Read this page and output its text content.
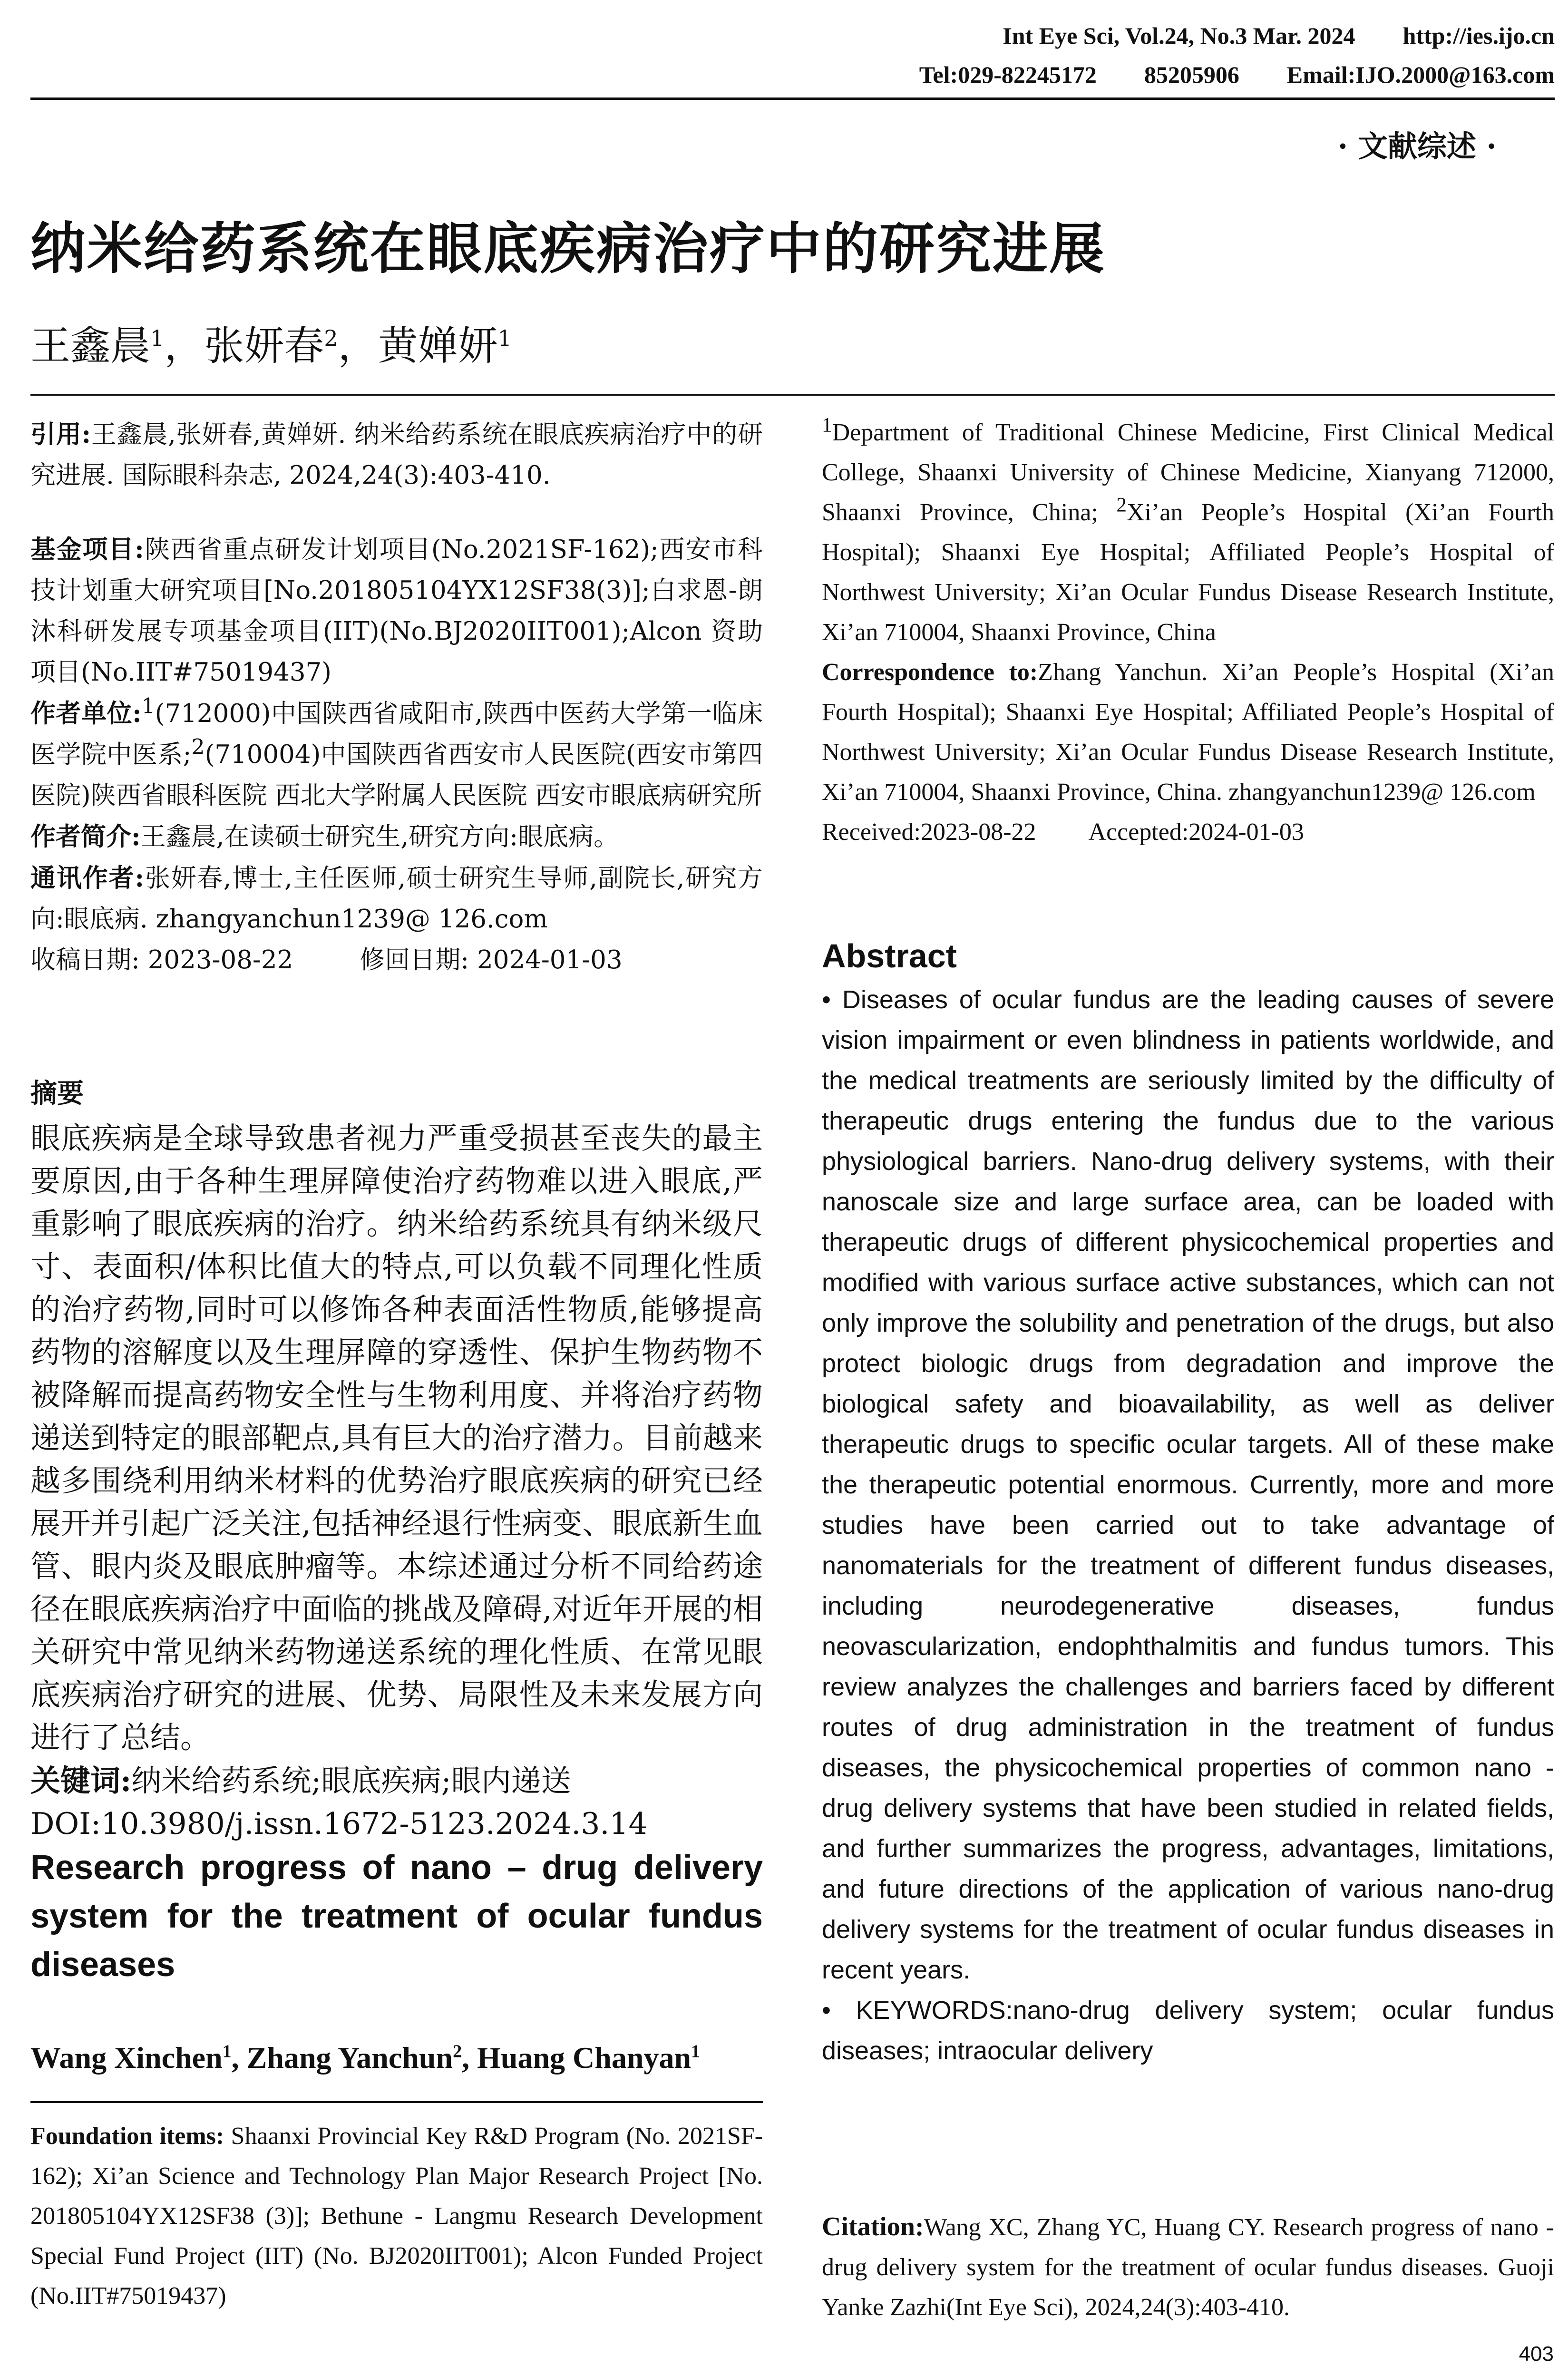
Int Eye Sci, Vol.24, No.3 Mar. 2024 http://ies.ijo.cn
Tel:029-82245172 85205906 Email:IJO.2000@163.com
· 文献综述 ·
纳米给药系统在眼底疾病治疗中的研究进展
王鑫晨$^1$，张妍春$^2$，黄婵妍$^1$

引用:王鑫晨,张妍春,黄婵妍. 纳米给药系统在眼底疾病治疗中的研究进展. 国际眼科杂志, 2024,24(3):403-410.

基金项目:陕西省重点研发计划项目(No.2021SF-162);西安市科技计划重大研究项目[No.201805104YX12SF38(3)];白求恩-朗沐科研发展专项基金项目(IIT)(No.BJ2020IIT001);Alcon 资助项目(No.IIT#75019437)

作者单位:$^1$(712000)中国陕西省咸阳市,陕西中医药大学第一临床医学院中医系;$^2$(710004)中国陕西省西安市人民医院(西安市第四医院)陕西省眼科医院 西北大学附属人民医院 西安市眼底病研究所

作者简介:王鑫晨,在读硕士研究生,研究方向:眼底病。

通讯作者:张妍春,博士,主任医师,硕士研究生导师,副院长,研究方向:眼底病. zhangyanchun1239@ 126.com

收稿日期: 2023-08-22	修回日期: 2024-01-03

摘要

眼底疾病是全球导致患者视力严重受损甚至丧失的最主要原因,由于各种生理屏障使治疗药物难以进入眼底,严重影响了眼底疾病的治疗。纳米给药系统具有纳米级尺寸、表面积/体积比值大的特点,可以负载不同理化性质的治疗药物,同时可以修饰各种表面活性物质,能够提高药物的溶解度以及生理屏障的穿透性、保护生物药物不被降解而提高药物安全性与生物利用度、并将治疗药物递送到特定的眼部靶点,具有巨大的治疗潜力。目前越来越多围绕利用纳米材料的优势治疗眼底疾病的研究已经展开并引起广泛关注,包括神经退行性病变、眼底新生血管、眼内炎及眼底肿瘤等。本综述通过分析不同给药途径在眼底疾病治疗中面临的挑战及障碍,对近年开展的相关研究中常见纳米药物递送系统的理化性质、在常见眼底疾病治疗研究的进展、优势、局限性及未来发展方向进行了总结。

关键词:纳米给药系统;眼底疾病;眼内递送

DOI:10.3980/j.issn.1672-5123.2024.3.14

Research progress of nano – drug delivery system for the treatment of ocular fundus diseases
Wang Xinchen$^1$, Zhang Yanchun$^2$, Huang Chanyan$^1$

Foundation items: Shaanxi Provincial Key R&D Program (No. 2021SF-162); Xi’an Science and Technology Plan Major Research Project [No. 201805104YX12SF38 (3)]; Bethune - Langmu Research Development Special Fund Project (IIT) (No. BJ2020IIT001); Alcon Funded Project (No.IIT#75019437)

$^1$Department of Traditional Chinese Medicine, First Clinical Medical College, Shaanxi University of Chinese Medicine, Xianyang 712000, Shaanxi Province, China; $^2$Xi’an People’s Hospital (Xi’an Fourth Hospital); Shaanxi Eye Hospital; Affiliated People’s Hospital of Northwest University; Xi’an Ocular Fundus Disease Research Institute, Xi’an 710004, Shaanxi Province, China

Correspondence to:Zhang Yanchun. Xi’an People’s Hospital (Xi’an Fourth Hospital); Shaanxi Eye Hospital; Affiliated People’s Hospital of Northwest University; Xi’an Ocular Fundus Disease Research Institute, Xi’an 710004, Shaanxi Province, China. zhangyanchun1239@ 126.com

Received:2023-08-22 Accepted:2024-01-03

Abstract

• Diseases of ocular fundus are the leading causes of severe vision impairment or even blindness in patients worldwide, and the medical treatments are seriously limited by the difficulty of therapeutic drugs entering the fundus due to the various physiological barriers. Nano-drug delivery systems, with their nanoscale size and large surface area, can be loaded with therapeutic drugs of different physicochemical properties and modified with various surface active substances, which can not only improve the solubility and penetration of the drugs, but also protect biologic drugs from degradation and improve the biological safety and bioavailability, as well as deliver therapeutic drugs to specific ocular targets. All of these make the therapeutic potential enormous. Currently, more and more studies have been carried out to take advantage of nanomaterials for the treatment of different fundus diseases, including neurodegenerative diseases, fundus neovascularization, endophthalmitis and fundus tumors. This review analyzes the challenges and barriers faced by different routes of drug administration in the treatment of fundus diseases, the physicochemical properties of common nano - drug delivery systems that have been studied in related fields, and further summarizes the progress, advantages, limitations, and future directions of the application of various nano-drug delivery systems for the treatment of ocular fundus diseases in recent years.

• KEYWORDS:nano-drug delivery system; ocular fundus diseases; intraocular delivery

Citation:Wang XC, Zhang YC, Huang CY. Research progress of nano - drug delivery system for the treatment of ocular fundus diseases. Guoji Yanke Zazhi(Int Eye Sci), 2024,24(3):403-410.

403
